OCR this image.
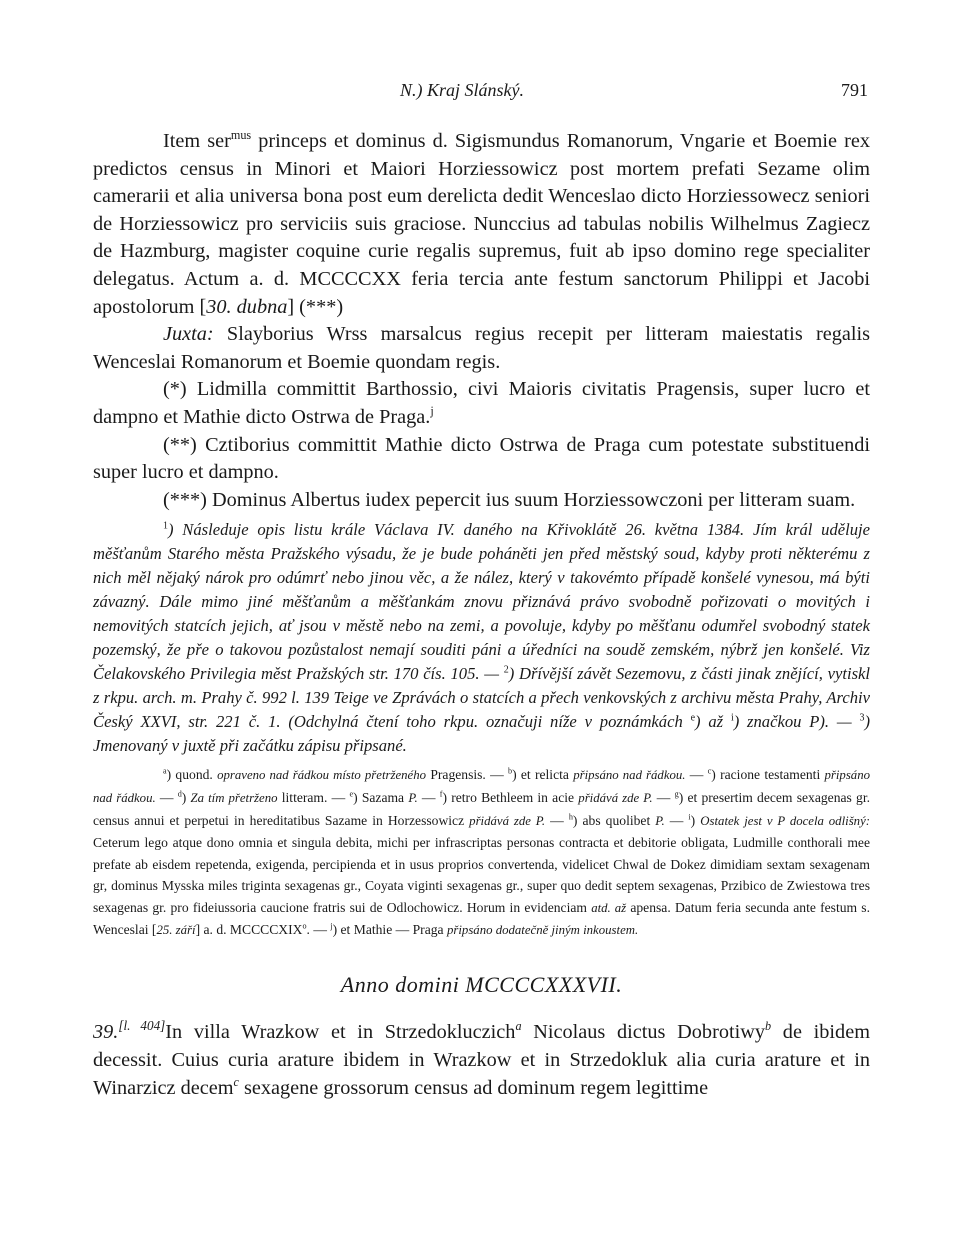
N.) Kraj Slánský.	791

Item ser$^{mus}$ princeps et dominus d. Sigismundus Romanorum, Vngarie et Boemie rex predictos census in Minori et Maiori Horziessowicz post mortem prefati Sezame olim camerarii et alia universa bona post eum derelicta dedit Wenceslao dicto Horziessowecz seniori de Horziessowicz pro serviciis suis graciose. Nunccius ad tabulas nobilis Wilhelmus Zagiecz de Hazmburg, magister coquine curie regalis supremus, fuit ab ipso domino rege specialiter delegatus. Actum a. d. MCCCCXX feria tercia ante festum sanctorum Philippi et Jacobi apostolorum [30. dubna] (***)

Juxta: Slayborius Wrss marsalcus regius recepit per litteram maiestatis regalis Wenceslai Romanorum et Boemie quondam regis.

(*) Lidmilla committit Barthossio, civi Maioris civitatis Pragensis, super lucro et dampno et Mathie dicto Ostrwa de Praga.$^j$

(**) Cztiborius committit Mathie dicto Ostrwa de Praga cum potestate substituendi super lucro et dampno.

(***) Dominus Albertus iudex pepercit ius suum Horziessowczoni per litteram suam.

$^1$) Následuje opis listu krále Václava IV. daného na Křivoklátě 26. května 1384. Jím král uděluje měšťanům Starého města Pražského výsadu, že je bude poháněti jen před městský soud, kdyby proti některému z nich měl nějaký nárok pro odúmrť nebo jinou věc, a že nález, který v takovémto případě konšelé vynesou, má býti závazný. Dále mimo jiné měšťanům a měšťankám znovu přiznává právo svobodně pořizovati o movitých i nemovitých statcích jejich, ať jsou v městě nebo na zemi, a povoluje, kdyby po měšťanu odumřel svobodný statek pozemský, že pře o takovou pozůstalost nemají souditi páni a úředníci na soudě zemském, nýbrž jen konšelé. Viz Čelakovského Privilegia měst Pražských str. 170 čís. 105. — $^2$) Dřívější závět Sezemovu, z části jinak znějící, vytiskl z rkpu. arch. m. Prahy č. 992 l. 139 Teige ve Zprávách o statcích a přech venkovských z archivu města Prahy, Archiv Český XXVI, str. 221 č. 1. (Odchylná čtení toho rkpu. označuji níže v poznámkách $^e$) až $^i$) značkou P). — $^3$) Jmenovaný v juxtě při začátku zápisu připsané.
$^a$) quond. opraveno nad řádkou místo přetrženého Pragensis. — $^b$) et relicta připsáno nad řádkou. — $^c$) racione testamenti připsáno nad řádkou. — $^d$) Za tím přetrženo litteram. — $^e$) Sazama P. — $^f$) retro Bethleem in acie přidává zde P. — $^g$) et presertim decem sexagenas gr. census annui et perpetui in hereditatibus Sazame in Horzessowicz přidává zde P. — $^h$) abs quolibet P. — $^i$) Ostatek jest v P docela odlišný: Ceterum lego atque dono omnia et singula debita, michi per infrascriptas personas contracta et debitorie obligata, Ludmille conthorali mee prefate ab eisdem repetenda, exigenda, percipienda et in usus proprios convertenda, videlicet Chwal de Dokez dimidiam sextam sexagenam gr, dominus Mysska miles triginta sexagenas gr., Coyata viginti sexagenas gr., super quo dedit septem sexagenas, Przibico de Zwiestowa tres sexagenas gr. pro fideiussoria caucione fratris sui de Odlochowicz. Horum in evidenciam atd. až apensa. Datum feria secunda ante festum s. Wenceslai [25. září] a. d. MCCCCXIX$^o$. — $^j$) et Mathie — Praga připsáno dodatečně jiným inkoustem.
Anno domini MCCCCXXXVII.
39.[l. 404]In villa Wrazkow et in Strzedokluczich$^a$ Nicolaus dictus Dobrotiwy$^b$ de ibidem decessit. Cuius curia arature ibidem in Wrazkow et in Strzedokluk alia curia arature et in Winarzicz decem$^c$ sexagene grossorum census ad dominum regem legittime
